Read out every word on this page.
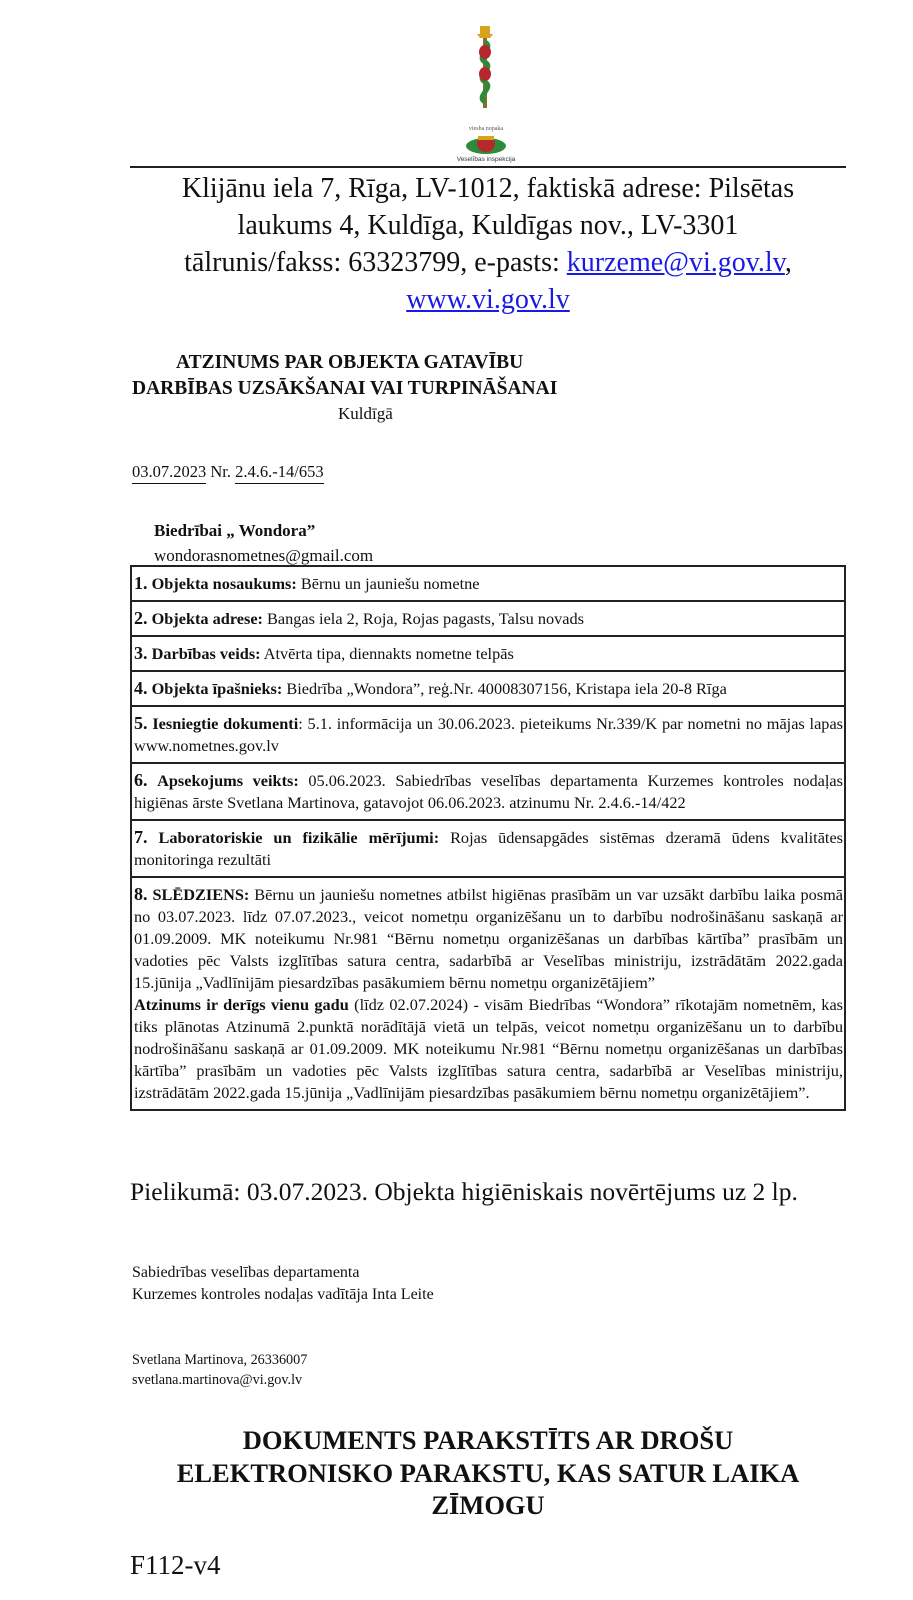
viesba nopaka
Veselības inspekcija
Klijānu iela 7, Rīga, LV-1012, faktiskā adrese: Pilsētas
laukums 4, Kuldīga, Kuldīgas nov., LV-3301
tālrunis/fakss: 63323799, e-pasts: kurzeme@vi.gov.lv,
www.vi.gov.lv
ATZINUMS PAR OBJEKTA GATAVĪBU
DARBĪBAS UZSĀKŠANAI VAI TURPINĀŠANAI
Kuldīgā
03.07.2023 Nr. 2.4.6.-14/653
Biedrībai „ Wondora”
wondorasnometnes@gmail.com
1. Objekta nosaukums: Bērnu un jauniešu nometne
2. Objekta adrese: Bangas iela 2, Roja, Rojas pagasts, Talsu novads
3. Darbības veids: Atvērta tipa, diennakts nometne telpās
4. Objekta īpašnieks: Biedrība „Wondora”, reģ.Nr. 40008307156, Kristapa iela 20-8 Rīga
5. Iesniegtie dokumenti: 5.1. informācija un 30.06.2023. pieteikums Nr.339/K par nometni no mājas lapas www.nometnes.gov.lv
6. Apsekojums veikts: 05.06.2023. Sabiedrības veselības departamenta Kurzemes kontroles nodaļas higiēnas ārste Svetlana Martinova, gatavojot 06.06.2023. atzinumu Nr. 2.4.6.-14/422
7. Laboratoriskie un fizikālie mērījumi: Rojas ūdensapgādes sistēmas dzeramā ūdens kvalitātes monitoringa rezultāti

8. SLĒDZIENS: Bērnu un jauniešu nometnes atbilst higiēnas prasībām un var uzsākt darbību laika posmā no 03.07.2023. līdz 07.07.2023., veicot nometņu organizēšanu un to darbību nodrošināšanu saskaņā ar 01.09.2009. MK noteikumu Nr.981 “Bērnu nometņu organizēšanas un darbības kārtība” prasībām un vadoties pēc Valsts izglītības satura centra, sadarbībā ar Veselības ministriju, izstrādātām 2022.gada 15.jūnija „Vadlīnijām piesardzības pasākumiem bērnu nometņu organizētājiem”
Atzinums ir derīgs vienu gadu (līdz 02.07.2024) - visām Biedrības “Wondora” rīkotajām nometnēm, kas tiks plānotas Atzinumā 2.punktā norādītājā vietā un telpās, veicot nometņu organizēšanu un to darbību nodrošināšanu saskaņā ar 01.09.2009. MK noteikumu Nr.981 “Bērnu nometņu organizēšanas un darbības kārtība” prasībām un vadoties pēc Valsts izglītības satura centra, sadarbībā ar Veselības ministriju, izstrādātām 2022.gada 15.jūnija „Vadlīnijām piesardzības pasākumiem bērnu nometņu organizētājiem”.
Pielikumā: 03.07.2023. Objekta higiēniskais novērtējums uz 2 lp.
Sabiedrības veselības departamenta
Kurzemes kontroles nodaļas vadītāja Inta Leite
Svetlana Martinova, 26336007
svetlana.martinova@vi.gov.lv
DOKUMENTS PARAKSTĪTS AR DROŠU
ELEKTRONISKO PARAKSTU, KAS SATUR LAIKA
ZĪMOGU
F112-v4
